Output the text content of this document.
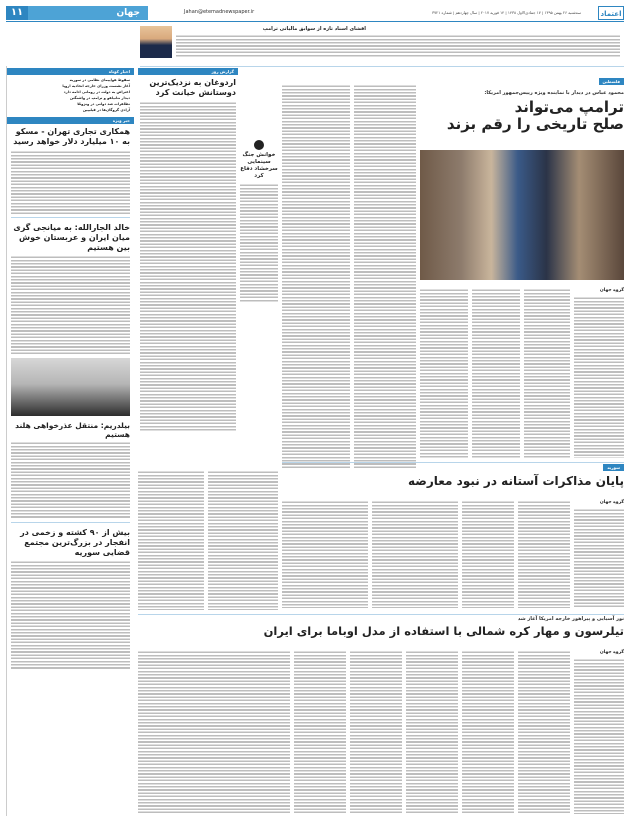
۱۱	جهان	Jahan@etemadnewspaper.ir	سه‌شنبه ۲۶ بهمن ۱۳۹۵ | ۱۷ جمادی‌الاول ۱۴۳۸ | ۱۴ فوریه ۲۰۱۷ | سال چهاردهم | شماره ۳۷۲۱	اعتماد
افشای اسناد تازه از سوابق مالیاتی ترامپ
اخبار کوتاه
سقوط هواپیمای نظامی در سوریه
آغاز نشست وزرای خارجه اتحادیه اروپا
اعتراض به دولت در رومانی ادامه دارد
دیدار نتانیاهو و ترامپ در واشنگتن
تظاهرات ضد دولتی در ونزوئلا
آزادی گروگان‌ها در فیلیپین
خبر ویژه
همکاری تجاری تهران - مسکو به ۱۰ میلیارد دلار خواهد رسید
خالد الجارالله: به میانجی گری میان ایران و عربستان خوش بین هستیم
بیلدریم: منتقل عذرخواهی هلند هستیم
بیش از ۹۰ کشته و زخمی در انفجار در بزرگ‌ترین مجتمع قضایی سوریه
گزارش روز
اردوغان به نزدیک‌ترین دوستانش خیانت کرد
خوانش جنگ سینمایی سرخشاد دفاع کرد
فلسطین
محمود عباس در دیدار با نماینده ویژه رییس‌جمهور امریکا:
ترامپ می‌تواند
صلح تاریخی را رقم بزند
گروه جهان
سوریه
پایان مذاکرات آستانه در نبود معارضه
گروه جهان
نور آسیایی و پیراهور خارجه امریکا آغاز شد
تیلرسون و مهار کره شمالی با استفاده از مدل اوباما برای ایران
گروه جهان
